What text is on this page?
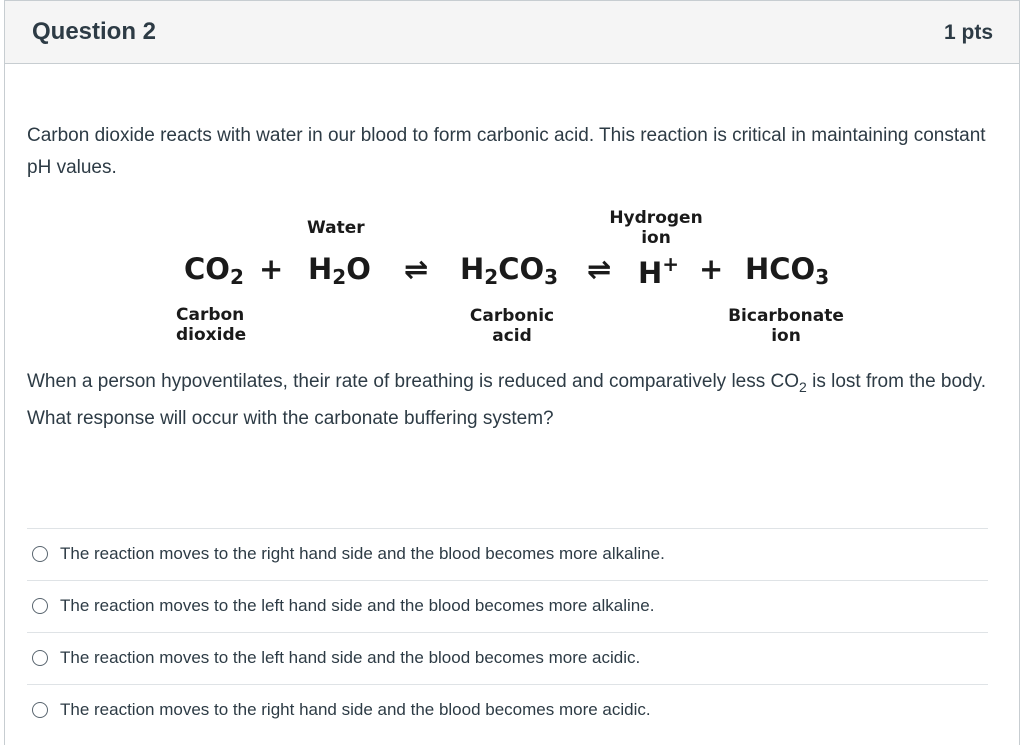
Question 2	1 pts
Carbon dioxide reacts with water in our blood to form carbonic acid. This reaction is critical in maintaining constant pH values.
Water	Hydrogen
ion
$CO_2 + H_2O$ ⇌ $H_2CO_3$ ⇌ $H^+ + HCO_3$
Carbon
dioxide
Carbonic
acid
Bicarbonate
ion
When a person hypoventilates, their rate of breathing is reduced and comparatively less $CO_2$ is lost from the body. What response will occur with the carbonate buffering system?
The reaction moves to the right hand side and the blood becomes more alkaline.
The reaction moves to the left hand side and the blood becomes more alkaline.
The reaction moves to the left hand side and the blood becomes more acidic.
The reaction moves to the right hand side and the blood becomes more acidic.
